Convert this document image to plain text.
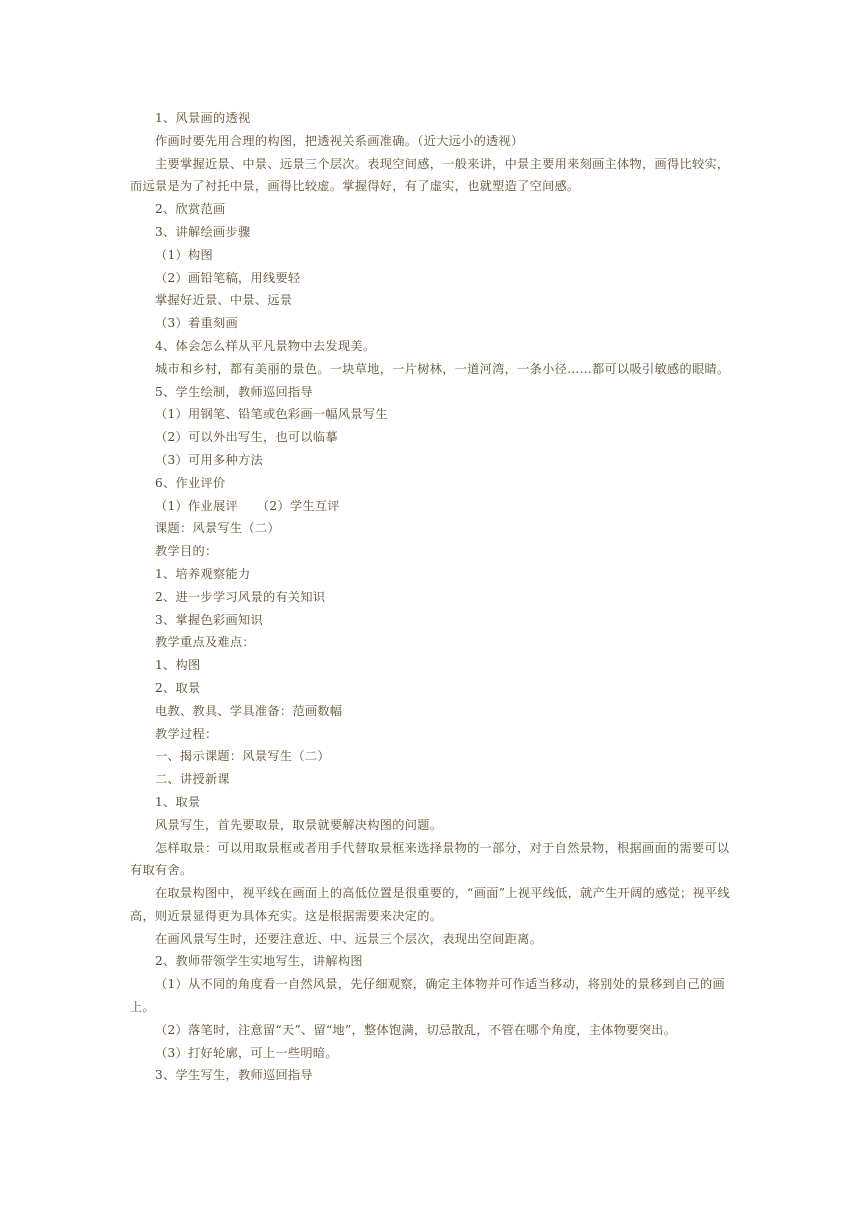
1、风景画的透视

作画时要先用合理的构图，把透视关系画准确。（近大远小的透视）

主要掌握近景、中景、远景三个层次。表现空间感，一般来讲，中景主要用来刻画主体物，画得比较实，而远景是为了衬托中景，画得比较虚。掌握得好，有了虚实，也就塑造了空间感。

2、欣赏范画

3、讲解绘画步骤

（1）构图

（2）画铅笔稿，用线要轻

掌握好近景、中景、远景

（3）着重刻画

4、体会怎么样从平凡景物中去发现美。

城市和乡村，都有美丽的景色。一块草地，一片树林，一道河湾，一条小径……都可以吸引敏感的眼睛。

5、学生绘制，教师巡回指导

（1）用钢笔、铅笔或色彩画一幅风景写生

（2）可以外出写生，也可以临摹

（3）可用多种方法

6、作业评价

（1）作业展评　　（2）学生互评

课题：风景写生（二）

教学目的：

1、培养观察能力

2、进一步学习风景的有关知识

3、掌握色彩画知识

教学重点及难点：

1、构图

2、取景

电教、教具、学具准备：范画数幅

教学过程：

一、揭示课题：风景写生（二）

二、讲授新课

1、取景

风景写生，首先要取景，取景就要解决构图的问题。

怎样取景：可以用取景框或者用手代替取景框来选择景物的一部分，对于自然景物，根据画面的需要可以有取有舍。

在取景构图中，视平线在画面上的高低位置是很重要的，“画面”上视平线低，就产生开阔的感觉；视平线高，则近景显得更为具体充实。这是根据需要来决定的。

在画风景写生时，还要注意近、中、远景三个层次，表现出空间距离。

2、教师带领学生实地写生，讲解构图

（1）从不同的角度看一自然风景，先仔细观察，确定主体物并可作适当移动，将别处的景移到自己的画上。

（2）落笔时，注意留“天”、留“地”，整体饱满，切忌散乱，不管在哪个角度，主体物要突出。

（3）打好轮廓，可上一些明暗。

3、学生写生，教师巡回指导
